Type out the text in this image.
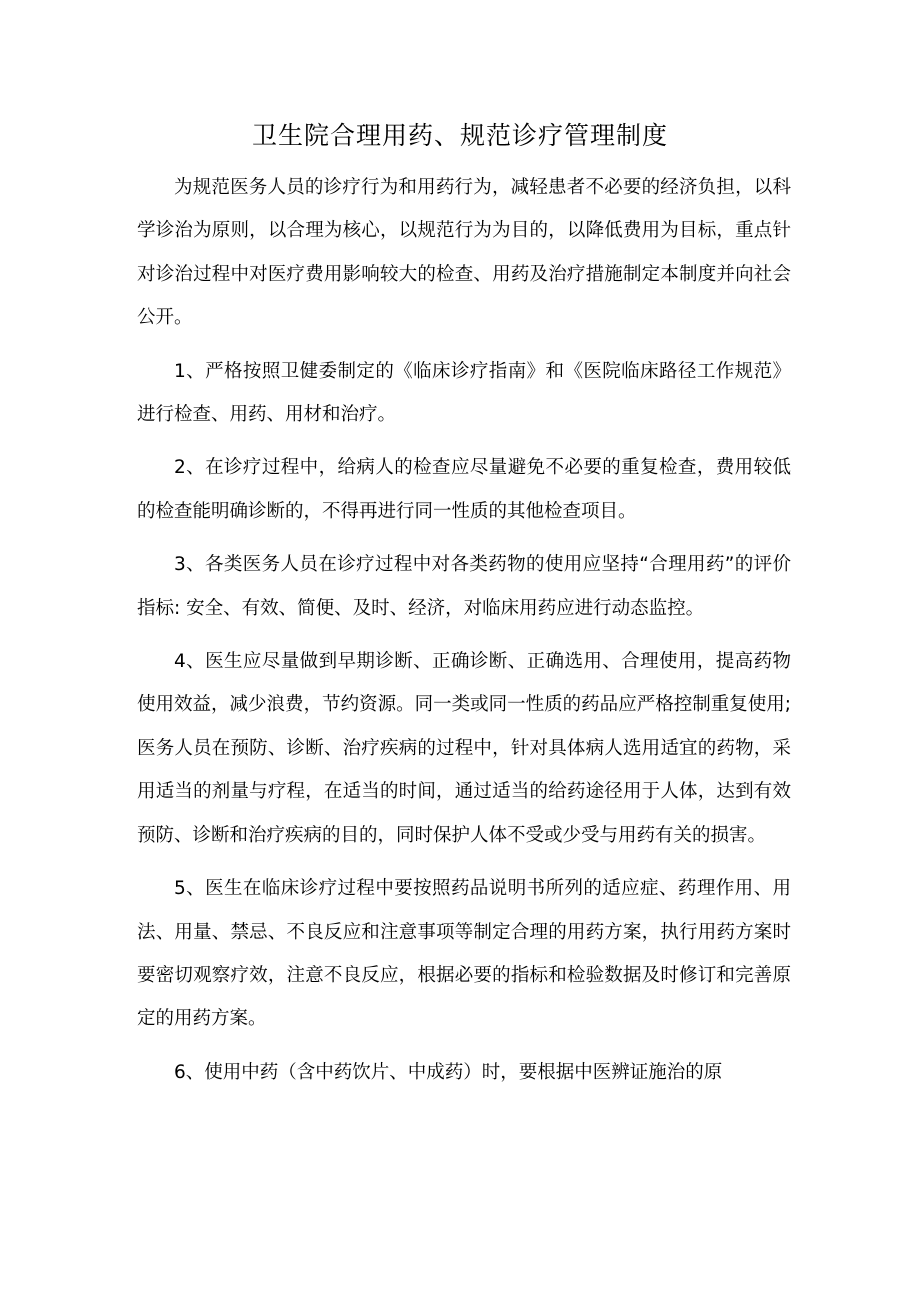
卫生院合理用药、规范诊疗管理制度

为规范医务人员的诊疗行为和用药行为，减轻患者不必要的经济负担，以科学诊治为原则，以合理为核心，以规范行为为目的，以降低费用为目标，重点针对诊治过程中对医疗费用影响较大的检查、用药及治疗措施制定本制度并向社会公开。

1、严格按照卫健委制定的《临床诊疗指南》和《医院临床路径工作规范》进行检查、用药、用材和治疗。

2、在诊疗过程中，给病人的检查应尽量避免不必要的重复检查，费用较低的检查能明确诊断的，不得再进行同一性质的其他检查项目。

3、各类医务人员在诊疗过程中对各类药物的使用应坚持“合理用药”的评价指标: 安全、有效、简便、及时、经济，对临床用药应进行动态监控。

4、医生应尽量做到早期诊断、正确诊断、正确选用、合理使用，提高药物使用效益，减少浪费，节约资源。同一类或同一性质的药品应严格控制重复使用;医务人员在预防、诊断、治疗疾病的过程中，针对具体病人选用适宜的药物，采用适当的剂量与疗程，在适当的时间，通过适当的给药途径用于人体，达到有效预防、诊断和治疗疾病的目的，同时保护人体不受或少受与用药有关的损害。

5、医生在临床诊疗过程中要按照药品说明书所列的适应症、药理作用、用法、用量、禁忌、不良反应和注意事项等制定合理的用药方案，执行用药方案时要密切观察疗效，注意不良反应，根据必要的指标和检验数据及时修订和完善原定的用药方案。

6、使用中药（含中药饮片、中成药）时，要根据中医辨证施治的原
